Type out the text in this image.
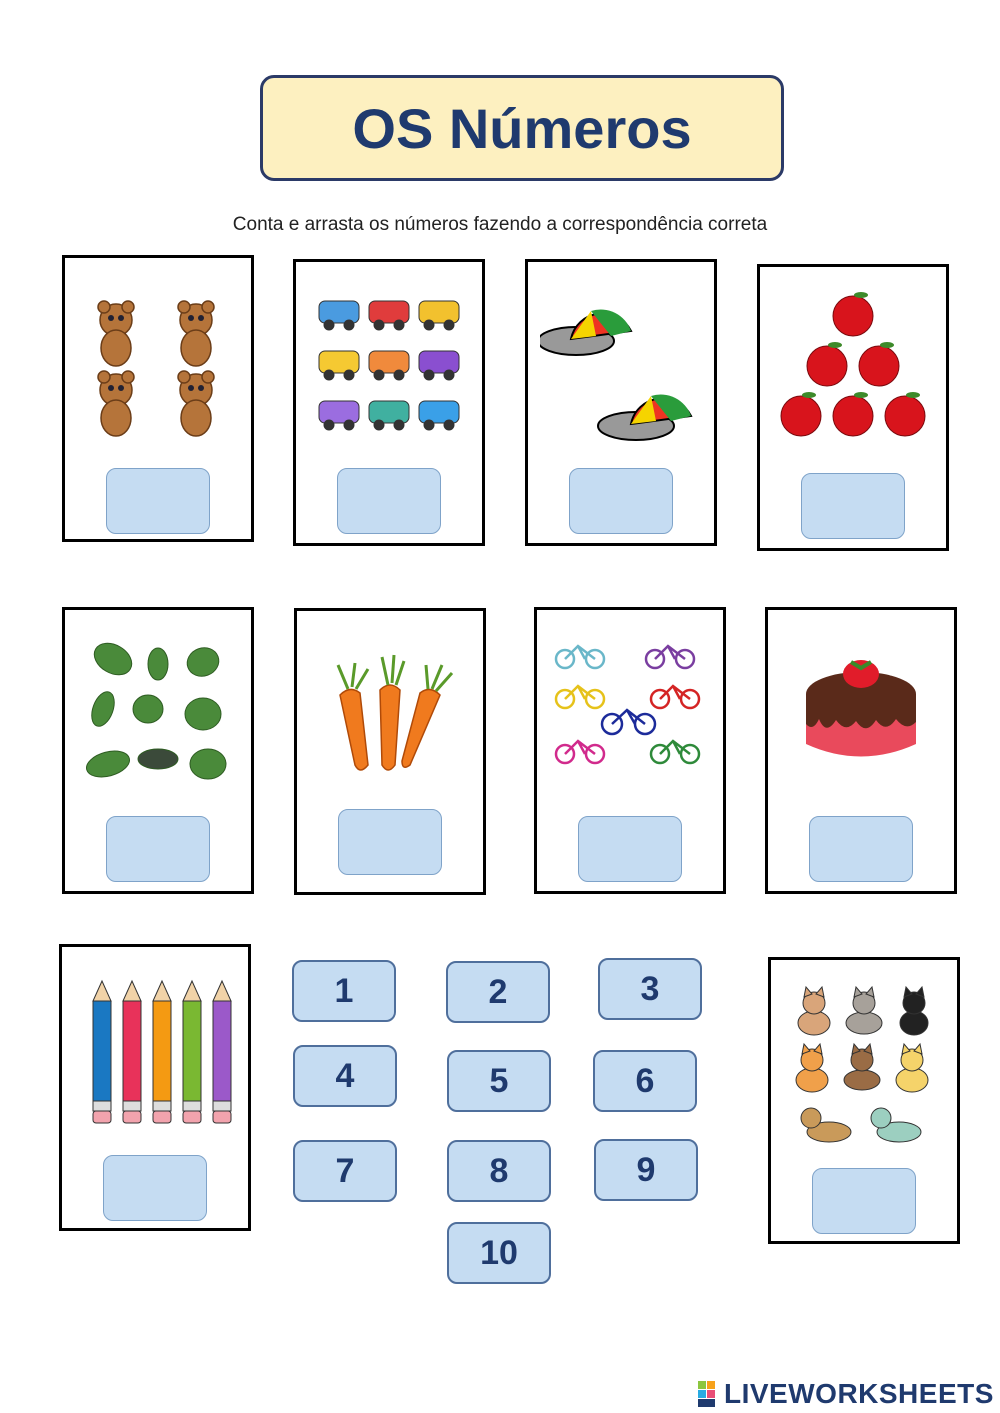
OS Números
Conta e arrasta os números fazendo a correspondência correta
1	2	3
4	5	6
7	8	9
10
LIVEWORKSHEETS
